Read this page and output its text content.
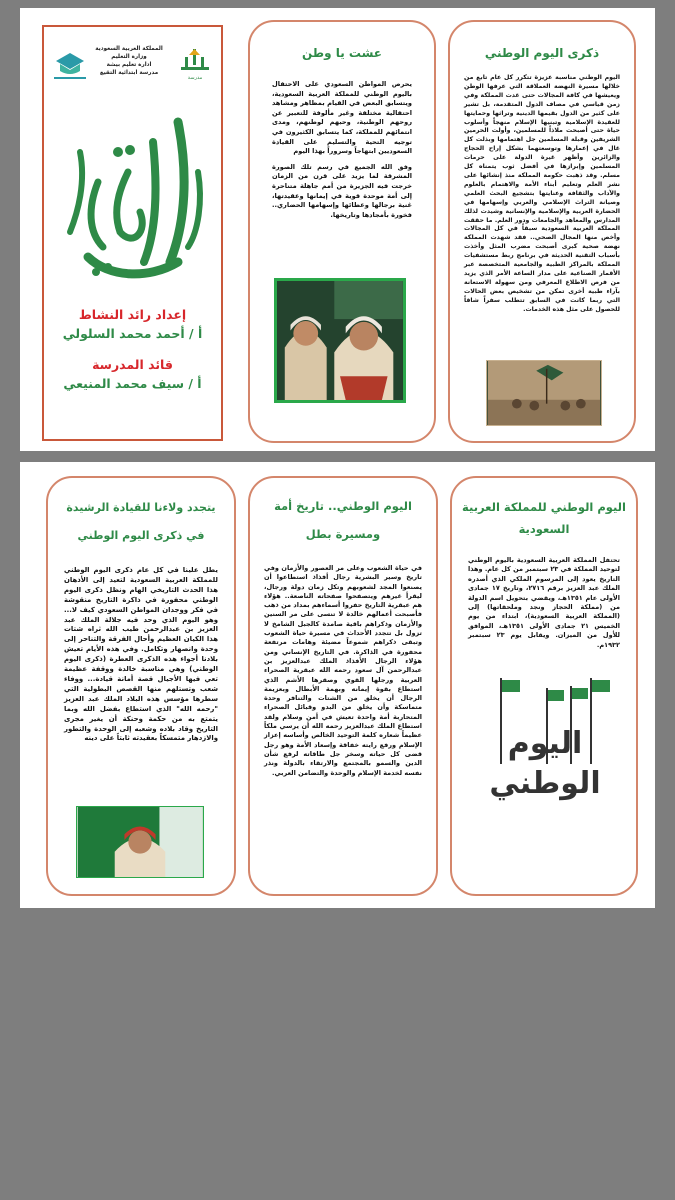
مدرسة
المملكة العربية السعودية
وزارة التعليم
ادارة تعليم بيشة
مدرسة ابتدائية التقيع
إعداد رائد النشاط
أ / أحمد محمد السلولي
قائد المدرسة
أ / سيف محمد المنيعي
عشت يا وطن

يحرص المواطن السعودي على الاحتفال باليوم الوطني للمملكة العربية السعودية، ويتسابق البعض في القيام بمظاهر ومشاهد احتفالية مختلفة وغير مألوفة للتعبير عن روحهم الوطنية، وحبهم لوطنهم، ومدى انتمائهم للمملكة، كما يتسابق الكثيرون في توجيه التحية والتسليم على القيادة السعوديين ابتهاجاً وسروراً بهذا اليوم

وفق الله الجميع في رسم تلك الصورة المشرقة لما يزيد على قرن من الزمان خرجت فيه الجزيرة من أمم جاهلة متناحرة إلى أمة موحدة قوية في إيمانها وعقيدتها، غنية برجالها وعطائها وإسهامها الحضاري.. فخورة بأمجادها وتاريخها.

ذكرى اليوم الوطني

اليوم الوطني مناسبة عزيزة تتكرر كل عام تابع من خلالها مسيرة النهضة العملاقة التي عرفها الوطن ويعيشها في كافة المجالات حتى غدت المملكة وفي زمن قياسي في مصاف الدول المتقدمة، بل تشير على كثير من الدول بقيمها الدينية وتراثها وحمايتها للعقيدة الإسلامية وتبنيها الإسلام منهجاً وأسلوب حياة حتى أصبحت ملاذاً للمسلمين، وأولت الحرمين الشريفين وقبلة المسلمين جل اهتمامها وبذلت كل غال في إعمارها وتوسعتهما بشكل إراح الحجاج والزائرين وأظهر غيرة الدولة على حرمات المسلمين وإبرازها في أفضل ثوب يتمناه كل مسلم. وقد ذهبت حكومة المملكة منذ إنشائها على نشر العلم وتعليم أبناء الأمة والاهتمام بالعلوم والآداب والثقافة وعنايتها بتشجيع البحث العلمي وصيانة التراث الإسلامي والعربي وإسهامها في الحضارة العربية والإسلامية والإنسانية وشيدت لذلك المدارس والمعاهد والجامعات ودور العلم. ما حققت المملكة العربية السعودية سبقاً في كل المجالات وأخص منها المجال الصحي.. فقد شهدت المملكة نهضة صحية كبرى أصبحت مضرب المثل وأخذت بأسباب التقنية الحديثة في برنامج ربط مستشفيات المملكة بالمراكز الطبية والجامعية المتخصصة عبر الأقمار الصناعية على مدار الساعة الأمر الذي يزيد من فرص الاطلاع المعرفي ومن سهولة الاستعانة بآراء طبية أخرى تمكن من تشخيص بعض الحالات التي ربما كانت في السابق تتطلب سفراً شاقاً للحصول على مثل هذه الخدمات.

يتجدد ولاءنا للقيادة الرشيدة في ذكرى اليوم الوطني

يطل علينا في كل عام ذكرى اليوم الوطني للمملكة العربية السعودية لتعيد إلى الأذهان هذا الحدث التاريخي الهام ونظل ذكرى اليوم الوطني محفورة في ذاكرة التاريخ منقوشة في فكر ووجدان المواطن السعودي كيف لا... وهو اليوم الذي وحد فيه جلالة الملك عبد العزيز بن عبدالرحمن طيب الله ثراه شتات هذا الكيان العظيم وأحال الفرقة والتناحر إلى وحدة وانصهار وتكامل. وفي هذه الأيام تعيش بلادنا أجواء هذه الذكرى العطرة (ذكرى اليوم الوطني) وهي مناسبة خالدة ووقفة عظيمة تعي فيها الأجيال قصة أمانة قيادة... ووفاء شعب وتستلهم منها القصص البطولية التي سطرها مؤسس هذه البلاد الملك عبد العزيز "رحمه الله" الذي استطاع بفضل الله وبما يتمتع به من حكمة وحنكة أن يغير مجرى التاريخ وقاد بلاده وشعبه إلى الوحدة والتطور والازدهار متمسكاً بعقيدته ثابتاً على دينه

اليوم الوطني.. تاريخ أمة ومسيرة بطل

في حياة الشعوب وعلى مر العصور والأزمان وفي تاريخ وسير البشرية رجال أفذاذ استطاعوا أن يصنعوا المجد لشعوبهم وتكل زمان دولة ورجال، ليقرأ غيرهم ويتصفحوا صفحاته الناصعة.. هؤلاء هم عبقرية التاريخ حفروا أسماءهم بمداد من ذهب فأصبحت أعمالهم خالدة لا تنسى على مر السنين والأزمان وذكراهم باقية صامدة كالجبل الشامخ لا تزول بل تتجدد الأحداث في مسيرة حياة الشعوب وتبقى ذكراهم شموعاً مضيئة وهامات مرتفعة محفورة في الذاكرة. في التاريخ الإنساني ومن هؤلاء الرجال الأفذاذ الملك عبدالعزيز بن عبدالرحمن آل سعود رحمه الله عبقرية الصحراء العربية ورجلها القوي وصقرها الأشم الذي استطاع بقوة إيمانه وبهمة الأبطال وبعزيمة الرجال أن يخلق من الشتات والتنافر وحدة متماسكة وأن يخلق من البدو وقبائل الصحراء المتحاربة أمة واحدة تعيش في أمن وسلام ولقد استطاع الملك عبدالعزيز رحمه الله أن يرسي ملكاً عظيماً شعاره كلمة التوحيد الخالص وأساسه إعزاز الإسلام ورفع رايته خفاقة وإسعاد الأمة وهو رجل قضى كل حياته وسخر جل طاقاته لرفع شأن الدين والسمو بالمجتمع والارتقاء بالدولة ونذر نفسه لخدمة الإسلام والوحدة والتضامن العربي.

اليوم الوطني للمملكة العربية السعودية

تحتفل المملكة العربية السعودية باليوم الوطني لتوحيد المملكة في ٢٣ سبتمبر من كل عام. وهذا التاريخ يعود إلى المرسوم الملكي الذي أصدره الملك عبد العزيز برقم ٢٧١٦، وتاريخ ١٧ جمادى الأولى عام ١٣٥١هـ، ويقضي بتحويل اسم الدولة من (مملكة الحجاز ونجد وملحقاتها) إلى (المملكة العربية السعودية)، ابتداء من يوم الخميس ٢١ جمادى الأولى ١٣٥١هـ، الموافق للأول من الميزان. ويقابل يوم ٢٣ سبتمبر ١٩٣٢م.

اليوم الوطني
